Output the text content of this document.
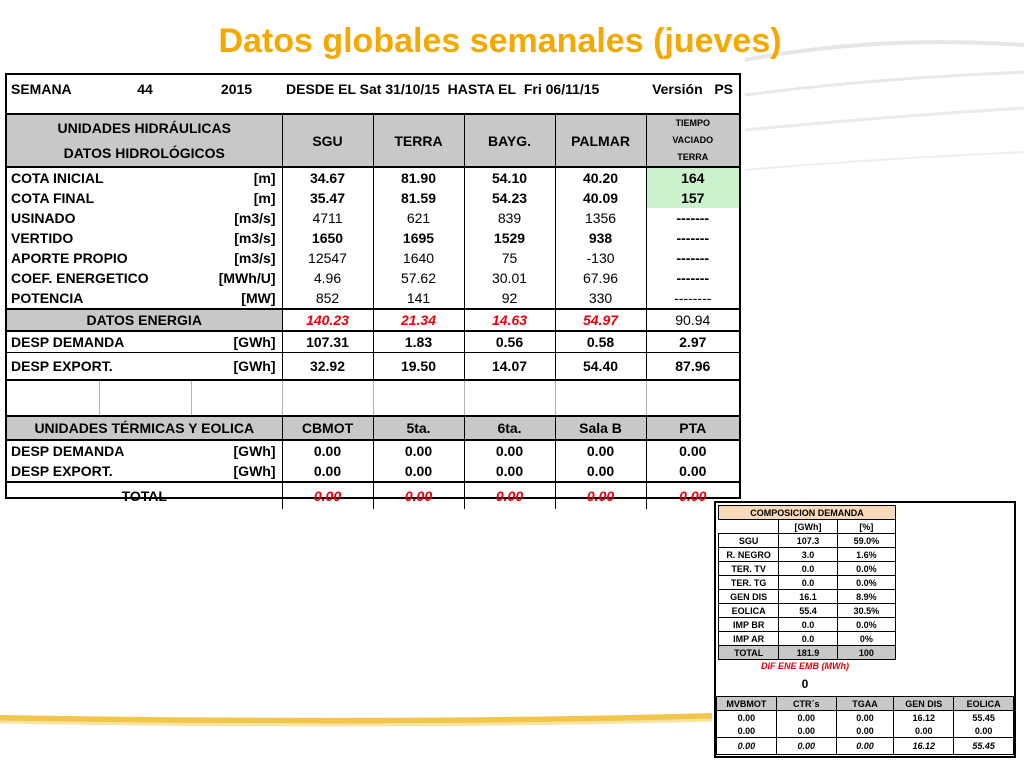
Datos globales semanales (jueves)
SEMANA	44	2015	DESDE EL Sat 31/10/15 HASTA EL Fri 06/11/15			Versión PS	

UNIDADES HIDRÁULICAS			SGU	TERRA	BAYG.	PALMAR	TIEMPO
VACIADO
TERRA
DATOS HIDROLÓGICOS							
COTA INICIAL		[m]	34.67	81.90	54.10	40.20	164
COTA FINAL		[m]	35.47	81.59	54.23	40.09	157
USINADO		[m3/s]	4711	621	839	1356	-------
VERTIDO		[m3/s]	1650	1695	1529	938	-------
APORTE PROPIO		[m3/s]	12547	1640	75	-130	-------
COEF. ENERGETICO		[MWh/U]	4.96	57.62	30.01	67.96	-------
POTENCIA		[MW]	852	141	92	330	--------
DATOS ENERGIA			140.23	21.34	14.63	54.97	90.94
DESP DEMANDA		[GWh]	107.31	1.83	0.56	0.58	2.97
DESP EXPORT.		[GWh]	32.92	19.50	14.07	54.40	87.96

UNIDADES TÉRMICAS Y EOLICA			CBMOT	5ta.	6ta.	Sala B	PTA
DESP DEMANDA		[GWh]	0.00	0.00	0.00	0.00	0.00
DESP EXPORT.		[GWh]	0.00	0.00	0.00	0.00	0.00
TOTAL			0.00	0.00	0.00	0.00	0.00
COMPOSICION DEMANDA		
	[GWh]	[%]
SGU	107.3	59.0%
R. NEGRO	3.0	1.6%
TER. TV	0.0	0.0%
TER. TG	0.0	0.0%
GEN DIS	16.1	8.9%
EOLICA	55.4	30.5%
IMP BR	0.0	0.0%
IMP AR	0.0	0%
TOTAL	181.9	100
DIF ENE EMB (MWh)
0
MVBMOT	CTR´s	TGAA	GEN DIS	EOLICA
0.00	0.00	0.00	16.12	55.45
0.00	0.00	0.00	0.00	0.00
0.00	0.00	0.00	16.12	55.45
